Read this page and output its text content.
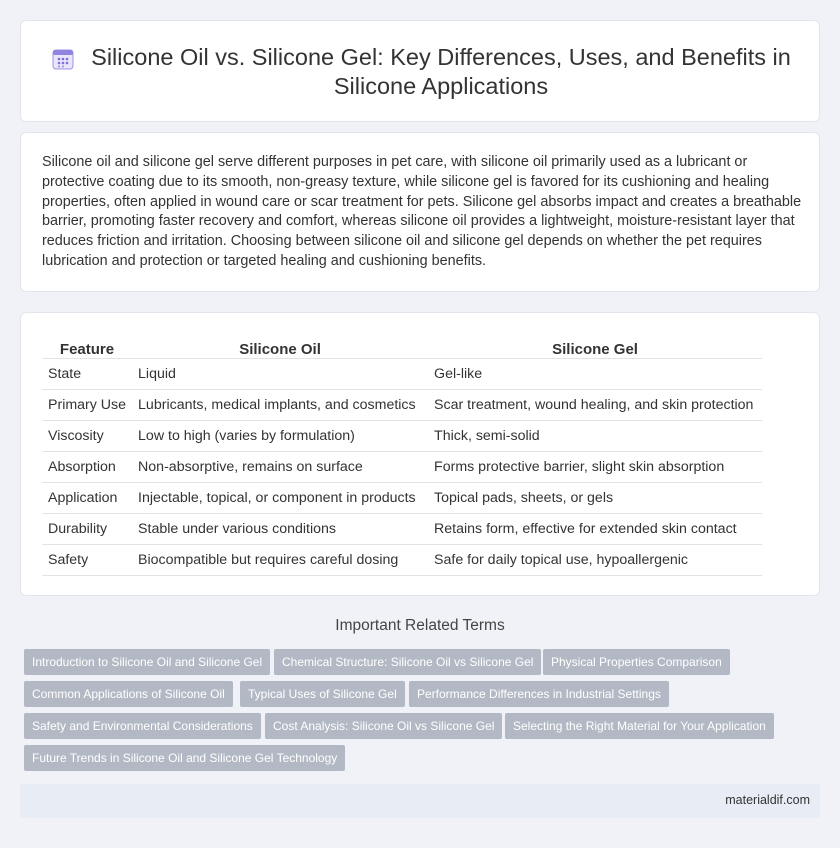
Silicone Oil vs. Silicone Gel: Key Differences, Uses, and Benefits in Silicone Applications

Silicone oil and silicone gel serve different purposes in pet care, with silicone oil primarily used as a lubricant or protective coating due to its smooth, non-greasy texture, while silicone gel is favored for its cushioning and healing properties, often applied in wound care or scar treatment for pets. Silicone gel absorbs impact and creates a breathable barrier, promoting faster recovery and comfort, whereas silicone oil provides a lightweight, moisture-resistant layer that reduces friction and irritation. Choosing between silicone oil and silicone gel depends on whether the pet requires lubrication and protection or targeted healing and cushioning benefits.

Feature	Silicone Oil	Silicone Gel
State	Liquid	Gel-like
Primary Use	Lubricants, medical implants, and cosmetics	Scar treatment, wound healing, and skin protection
Viscosity	Low to high (varies by formulation)	Thick, semi-solid
Absorption	Non-absorptive, remains on surface	Forms protective barrier, slight skin absorption
Application	Injectable, topical, or component in products	Topical pads, sheets, or gels
Durability	Stable under various conditions	Retains form, effective for extended skin contact
Safety	Biocompatible but requires careful dosing	Safe for daily topical use, hypoallergenic
Important Related Terms
Introduction to Silicone Oil and Silicone Gel	Chemical Structure: Silicone Oil vs Silicone Gel	Physical Properties Comparison
Common Applications of Silicone Oil	Typical Uses of Silicone Gel	Performance Differences in Industrial Settings
Safety and Environmental Considerations	Cost Analysis: Silicone Oil vs Silicone Gel	Selecting the Right Material for Your Application
Future Trends in Silicone Oil and Silicone Gel Technology
materialdif.com
